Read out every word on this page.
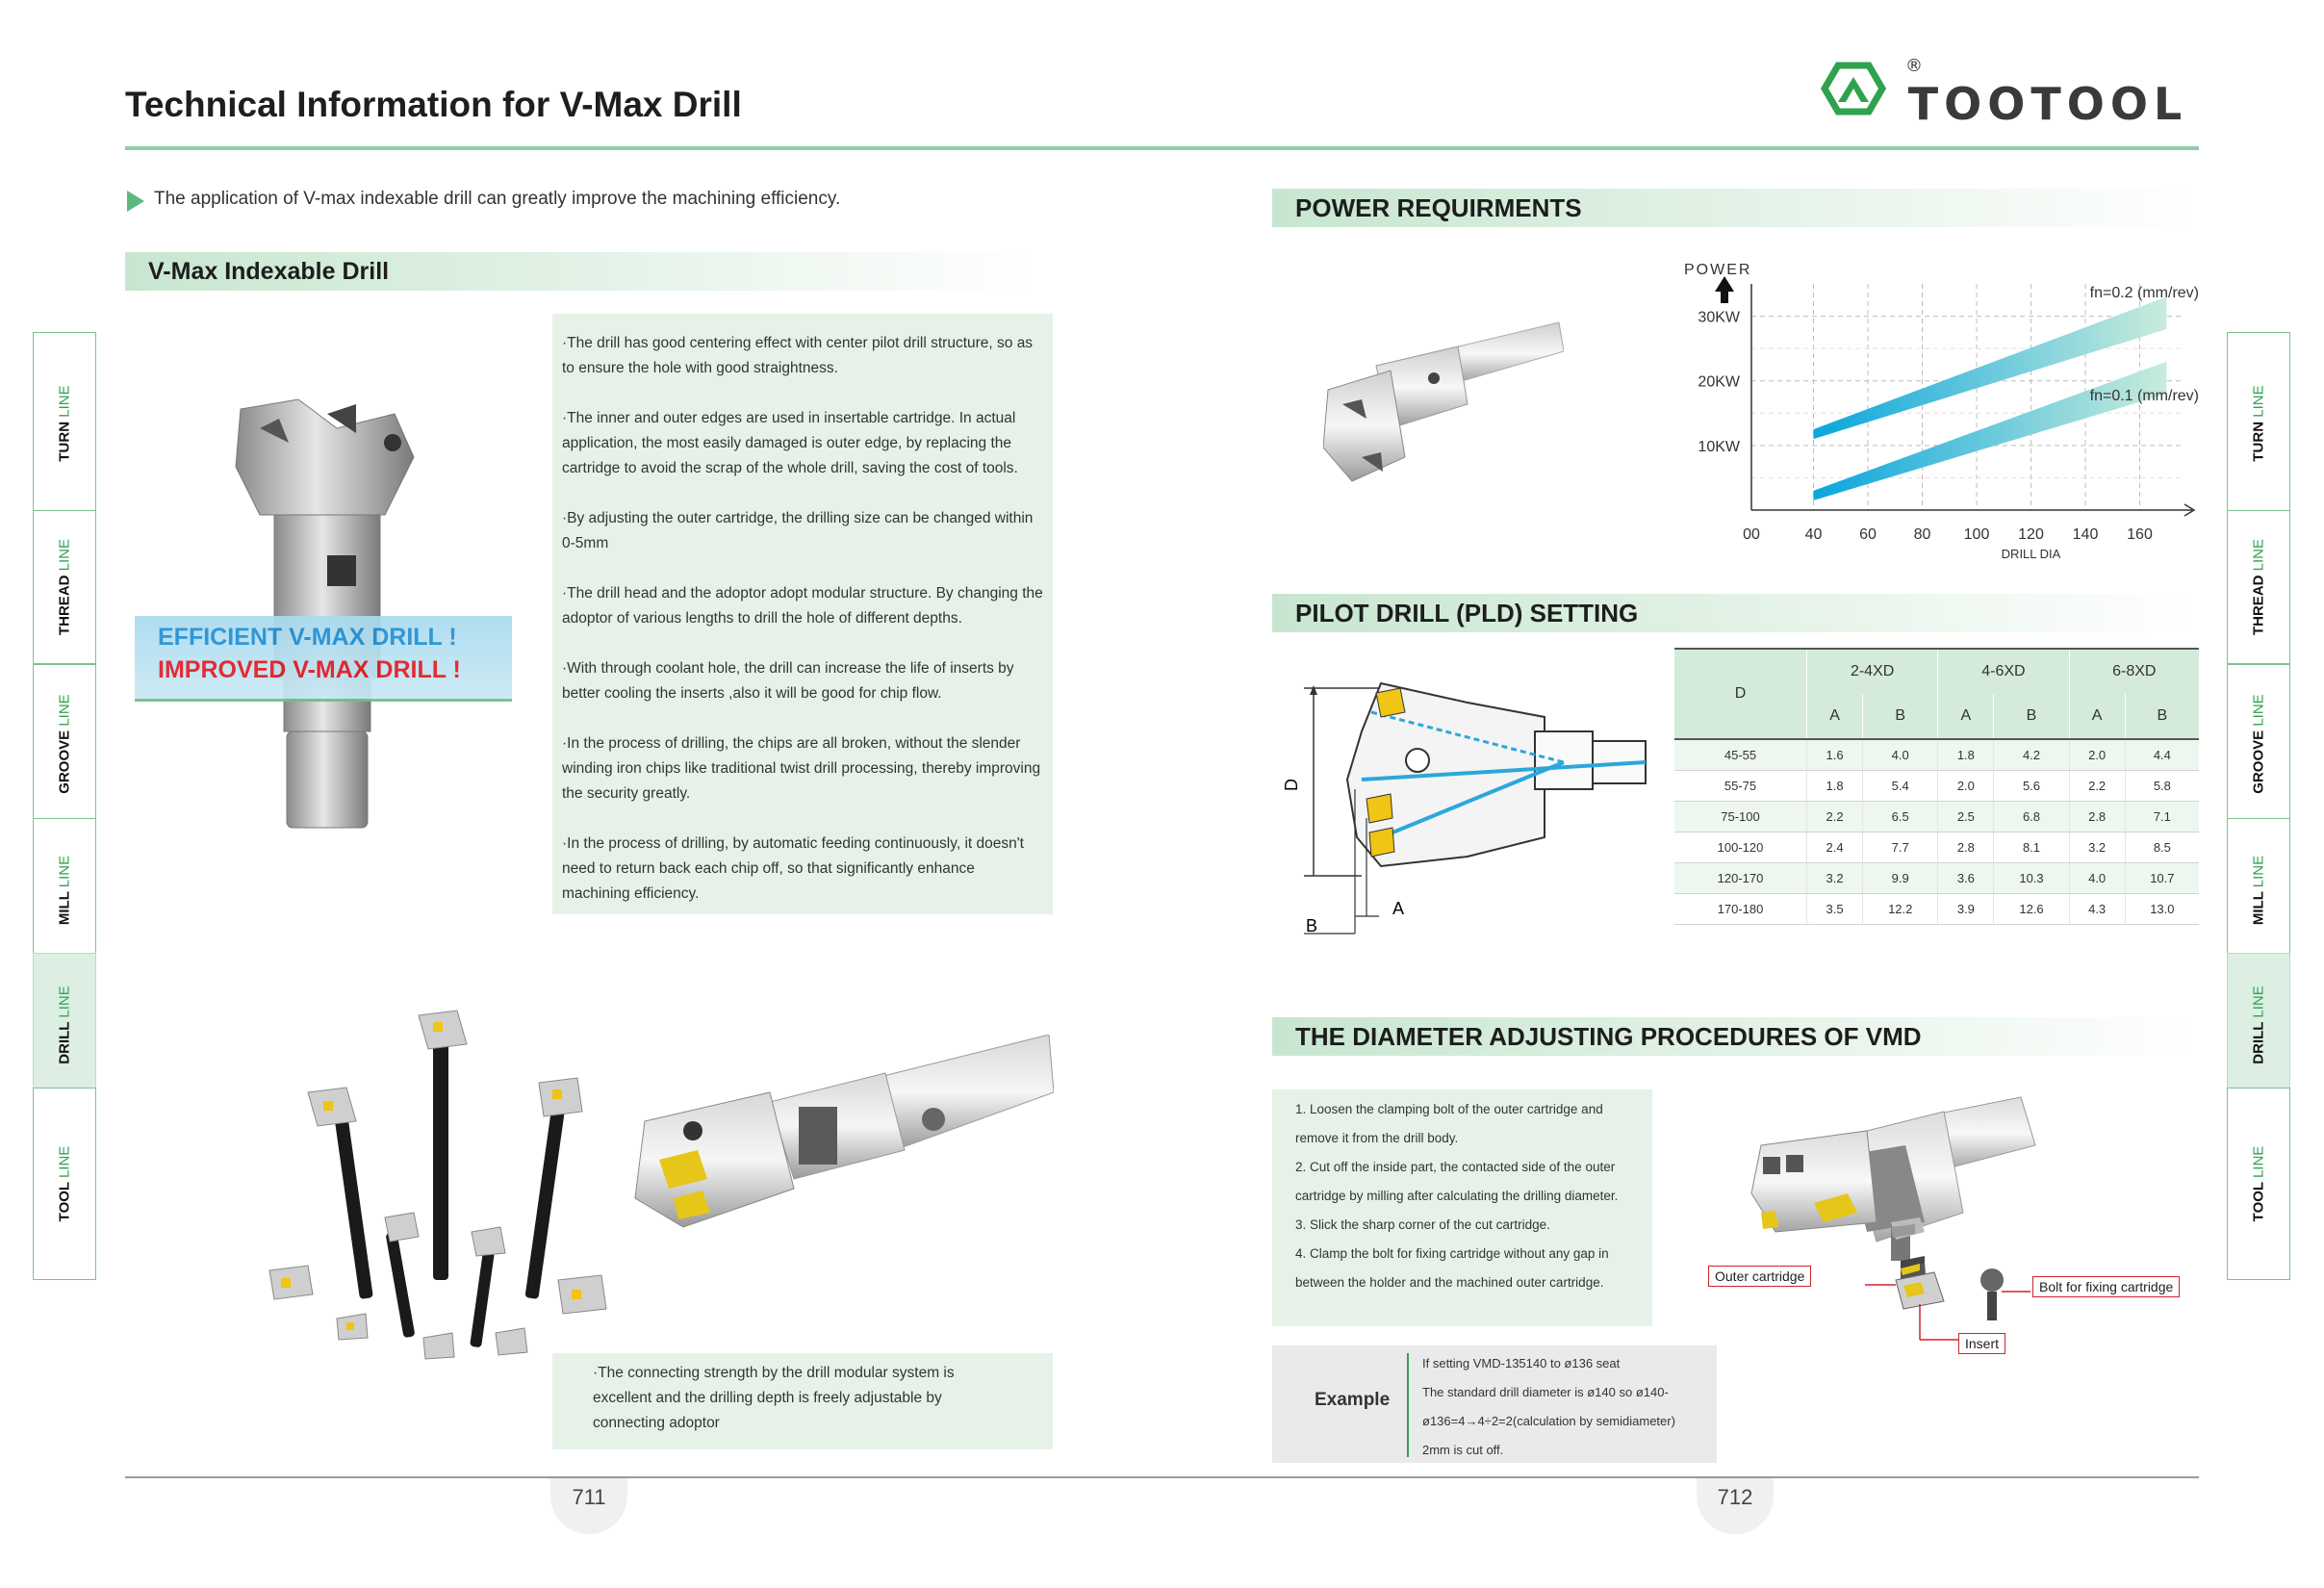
Technical Information for V-Max Drill	TOOTOOL
®
The application of V-max indexable drill can greatly improve the machining efficiency.
V-Max Indexable Drill
EFFICIENT V-MAX DRILL !
IMPROVED V-MAX DRILL !

·The drill has good centering effect with center pilot drill structure, so as to ensure the hole with good straightness.

·The inner and outer edges are used in insertable cartridge. In actual application, the most easily damaged is outer edge, by replacing the cartridge to avoid the scrap of the whole drill, saving the cost of tools.

·By adjusting the outer cartridge, the drilling size can be changed within 0-5mm

·The drill head and the adoptor adopt modular structure. By changing the adoptor of various lengths to drill the hole of different depths.

·With through coolant hole, the drill can increase the life of inserts by better cooling the inserts ,also it will be good for chip flow.

·In the process of drilling, the chips are all broken, without the slender winding iron chips like traditional twist drill processing, thereby improving the security greatly.

·In the process of drilling, by automatic feeding continuously, it doesn't need to return back each chip off, so that significantly enhance machining efficiency.

·The connecting strength by the drill modular system is excellent and the drilling depth is freely adjustable by connecting adoptor
POWER REQUIRMENTS
POWER
10KW
20KW
30KW
00	40 60 80 100 120 140 160
DRILL DIA
fn=0.2 (mm/rev)
fn=0.1 (mm/rev)
PILOT DRILL (PLD) SETTING
D
A
B
D	2-4XD		4-6XD		6-8XD	
	A	B	A	B	A	B
45-55	1.6	4.0	1.8	4.2	2.0	4.4
55-75	1.8	5.4	2.0	5.6	2.2	5.8
75-100	2.2	6.5	2.5	6.8	2.8	7.1
100-120	2.4	7.7	2.8	8.1	3.2	8.5
120-170	3.2	9.9	3.6	10.3	4.0	10.7
170-180	3.5	12.2	3.9	12.6	4.3	13.0
THE DIAMETER ADJUSTING PROCEDURES OF VMD
1. Loosen the clamping bolt of the outer cartridge and remove it from the drill body.
2. Cut off the inside part, the contacted side of the outer cartridge by milling after calculating the drilling diameter.
3. Slick the sharp corner of the cut cartridge.
4. Clamp the bolt for fixing cartridge without any gap in between the holder and the machined outer cartridge.	Outer cartridge
Bolt for fixing cartridge
Insert
Example
If setting VMD-135140 to ø136 seat
The standard drill diameter is ø140 so ø140-
ø136=4→4÷2=2(calculation by semidiameter)
2mm is cut off.
711	712
TURN LINE
THREAD LINE
GROOVE LINE
MILL LINE
DRILL LINE
TOOL LINE
TURN LINE
THREAD LINE
GROOVE LINE
MILL LINE
DRILL LINE
TOOL LINE
